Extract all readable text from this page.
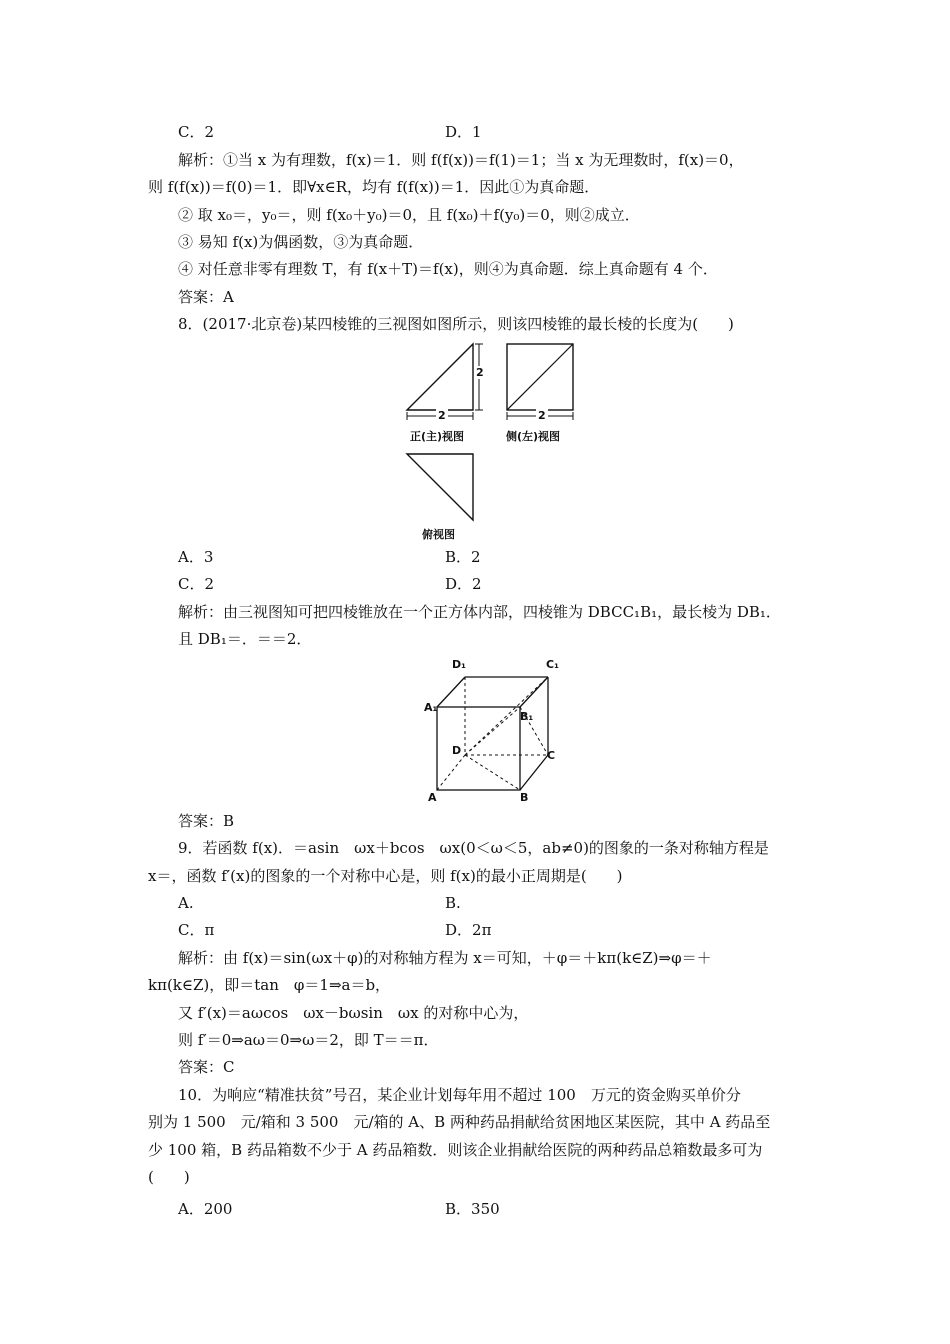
C．2	D．1
解析：①当 x 为有理数，f(x)＝1．则 f(f(x))＝f(1)＝1；当 x 为无理数时，f(x)＝0，
则 f(f(x))＝f(0)＝1．即∀x∈R，均有 f(f(x))＝1．因此①为真命题．
② 取 x₀＝，y₀＝，则 f(x₀＋y₀)＝0，且 f(x₀)＋f(y₀)＝0，则②成立．
③ 易知 f(x)为偶函数，③为真命题．
④ 对任意非零有理数 T，有 f(x＋T)＝f(x)，则④为真命题．综上真命题有 4 个．
答案：A
8．(2017·北京卷)某四棱锥的三视图如图所示，则该四棱锥的最长棱的长度为(　　)
2
2	2
正(主)视图	侧(左)视图
俯视图
A．3	B．2
C．2	D．2
解析：由三视图知可把四棱锥放在一个正方体内部，四棱锥为 DBCC₁B₁，最长棱为 DB₁．
且 DB₁＝．＝＝2．
D₁	C₁
A₁
B₁
D	C
A	B
答案：B
9．若函数 f(x)．＝asin　ωx＋bcos　ωx(0＜ω＜5，ab≠0)的图象的一条对称轴方程是
x＝，函数 f′(x)的图象的一个对称中心是，则 f(x)的最小正周期是(　　)
A.	B.
C．π	D．2π
解析：由 f(x)＝sin(ωx＋φ)的对称轴方程为 x＝可知，＋φ＝＋kπ(k∈Z)⇒φ＝＋
kπ(k∈Z)，即＝tan　φ＝1⇒a＝b，
又 f′(x)＝aωcos　ωx－bωsin　ωx 的对称中心为，
则 f′＝0⇒aω＝0⇒ω＝2，即 T＝＝π．
答案：C
10．为响应“精准扶贫”号召，某企业计划每年用不超过 100　万元的资金购买单价分
别为 1 500　元/箱和 3 500　元/箱的 A、B 两种药品捐献给贫困地区某医院，其中 A 药品至
少 100 箱，B 药品箱数不少于 A 药品箱数．则该企业捐献给医院的两种药品总箱数最多可为
(　　)
A．200	B．350
